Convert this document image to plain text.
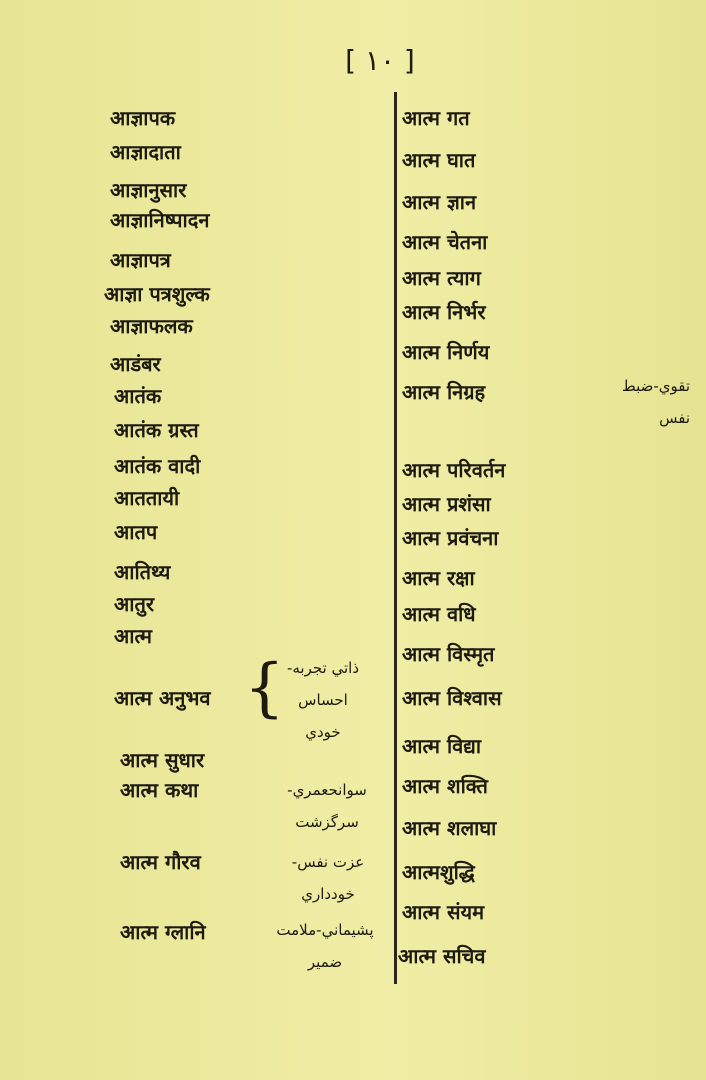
[ ۱۰ ]
आज्ञापक
आज्ञादाता
आज्ञानुसार
आज्ञानिष्पादन
आज्ञापत्र
आज्ञा पत्रशुल्क
आज्ञाफलक
आडंबर
आतंक
आतंक ग्रस्त
आतंक वादी
आततायी
आतप
आतिथ्य
आतुर
आत्म
आत्म अनुभव {	ذاتي تجربه-
احساس
خودي
आत्म सुधार
आत्म कथा	سوانحعمري-
سرگزشت
आत्म गौरव	عزت نفس-
خودداري
आत्म ग्लानि	پشيماني-ملامت
ضمير
आत्म गत
आत्म घात
आत्म ज्ञान
आत्म चेतना
आत्म त्याग
आत्म निर्भर
आत्म निर्णय
आत्म निग्रह	تقوي-ضبط
نفس
आत्म परिवर्तन
आत्म प्रशंसा
आत्म प्रवंचना
आत्म रक्षा
आत्म वधि
आत्म विस्मृत
आत्म विश्वास
आत्म विद्या
आत्म शक्ति
आत्म शलाघा
आत्मशुद्धि
आत्म संयम
आत्म सचिव
